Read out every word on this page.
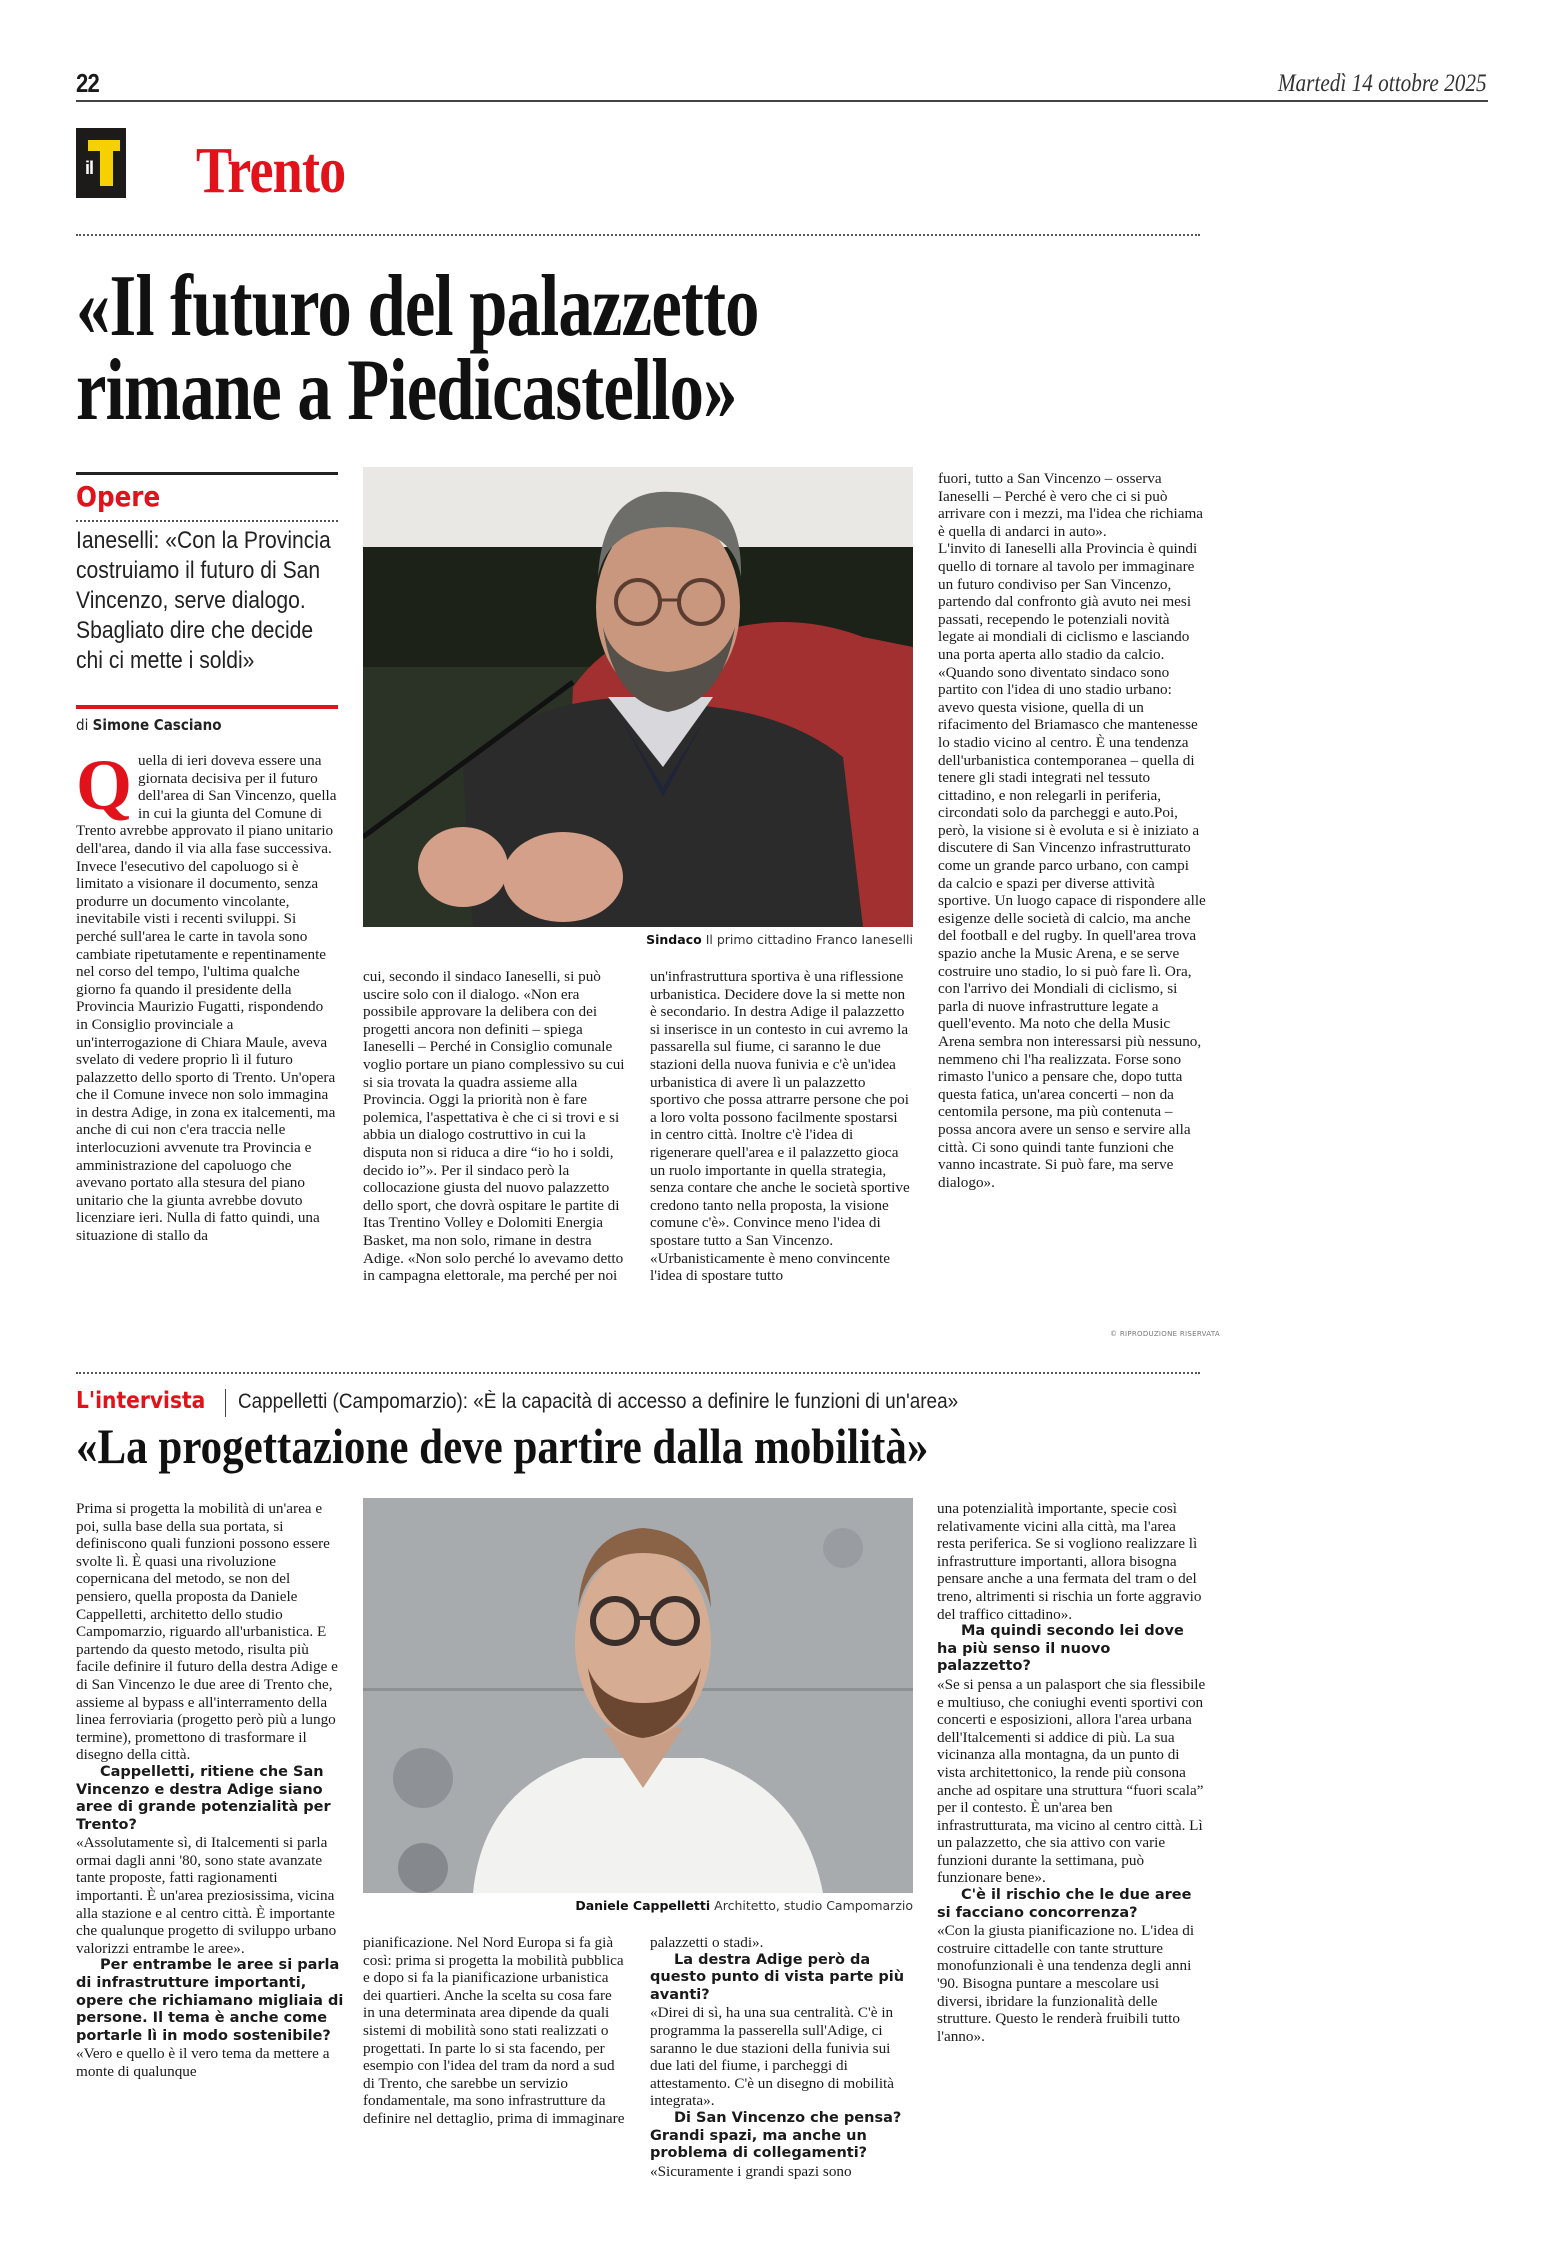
22	Martedì 14 ottobre 2025
il Trento
«Il futuro del palazzetto
rimane a Piedicastello»
Opere
Ianeselli: «Con la Provincia costruiamo il futuro di San Vincenzo, serve dialogo. Sbagliato dire che decide chi ci mette i soldi»
di Simone Casciano
Q uella di ieri doveva essere una giornata decisiva per il futuro dell'area di San Vincenzo, quella in cui la giunta del Comune di Trento avrebbe approvato il piano unitario dell'area, dando il via alla fase successiva. Invece l'esecutivo del capoluogo si è limitato a visionare il documento, senza produrre un documento vincolante, inevitabile visti i recenti sviluppi. Si perché sull'area le carte in tavola sono cambiate ripetutamente e repentinamente nel corso del tempo, l'ultima qualche giorno fa quando il presidente della Provincia Maurizio Fugatti, rispondendo in Consiglio provinciale a un'interrogazione di Chiara Maule, aveva svelato di vedere proprio lì il futuro palazzetto dello sporto di Trento. Un'opera che il Comune invece non solo immagina in destra Adige, in zona ex italcementi, ma anche di cui non c'era traccia nelle interlocuzioni avvenute tra Provincia e amministrazione del capoluogo che avevano portato alla stesura del piano unitario che la giunta avrebbe dovuto licenziare ieri. Nulla di fatto quindi, una situazione di stallo da
Sindaco Il primo cittadino Franco Ianeselli
cui, secondo il sindaco Ianeselli, si può uscire solo con il dialogo. «Non era possibile approvare la delibera con dei progetti ancora non definiti – spiega Ianeselli – Perché in Consiglio comunale voglio portare un piano complessivo su cui si sia trovata la quadra assieme alla Provincia. Oggi la priorità non è fare polemica, l'aspettativa è che ci si trovi e si abbia un dialogo costruttivo in cui la disputa non si riduca a dire “io ho i soldi, decido io”». Per il sindaco però la collocazione giusta del nuovo palazzetto dello sport, che dovrà ospitare le partite di Itas Trentino Volley e Dolomiti Energia Basket, ma non solo, rimane in destra Adige. «Non solo perché lo avevamo detto in campagna elettorale, ma perché per noi
un'infrastruttura sportiva è una riflessione urbanistica. Decidere dove la si mette non è secondario. In destra Adige il palazzetto si inserisce in un contesto in cui avremo la passarella sul fiume, ci saranno le due stazioni della nuova funivia e c'è un'idea urbanistica di avere lì un palazzetto sportivo che possa attrarre persone che poi a loro volta possono facilmente spostarsi in centro città. Inoltre c'è l'idea di rigenerare quell'area e il palazzetto gioca un ruolo importante in quella strategia, senza contare che anche le società sportive credono tanto nella proposta, la visione comune c'è». Convince meno l'idea di spostare tutto a San Vincenzo. «Urbanisticamente è meno convincente l'idea di spostare tutto

fuori, tutto a San Vincenzo – osserva Ianeselli – Perché è vero che ci si può arrivare con i mezzi, ma l'idea che richiama è quella di andarci in auto».

L'invito di Ianeselli alla Provincia è quindi quello di tornare al tavolo per immaginare un futuro condiviso per San Vincenzo, partendo dal confronto già avuto nei mesi passati, recependo le potenziali novità legate ai mondiali di ciclismo e lasciando una porta aperta allo stadio da calcio. «Quando sono diventato sindaco sono partito con l'idea di uno stadio urbano: avevo questa visione, quella di un rifacimento del Briamasco che mantenesse lo stadio vicino al centro. È una tendenza dell'urbanistica contemporanea – quella di tenere gli stadi integrati nel tessuto cittadino, e non relegarli in periferia, circondati solo da parcheggi e auto.Poi, però, la visione si è evoluta e si è iniziato a discutere di San Vincenzo infrastrutturato come un grande parco urbano, con campi da calcio e spazi per diverse attività sportive. Un luogo capace di rispondere alle esigenze delle società di calcio, ma anche del football e del rugby. In quell'area trova spazio anche la Music Arena, e se serve costruire uno stadio, lo si può fare lì. Ora, con l'arrivo dei Mondiali di ciclismo, si parla di nuove infrastrutture legate a quell'evento. Ma noto che della Music Arena sembra non interessarsi più nessuno, nemmeno chi l'ha realizzata. Forse sono rimasto l'unico a pensare che, dopo tutta questa fatica, un'area concerti – non da centomila persone, ma più contenuta – possa ancora avere un senso e servire alla città. Ci sono quindi tante funzioni che vanno incastrate. Si può fare, ma serve dialogo».

© RIPRODUZIONE RISERVATA
L'intervista Cappelletti (Campomarzio): «È la capacità di accesso a definire le funzioni di un'area»
«La progettazione deve partire dalla mobilità»

Prima si progetta la mobilità di un'area e poi, sulla base della sua portata, si definiscono quali funzioni possono essere svolte lì. È quasi una rivoluzione copernicana del metodo, se non del pensiero, quella proposta da Daniele Cappelletti, architetto dello studio Campomarzio, riguardo all'urbanistica. E partendo da questo metodo, risulta più facile definire il futuro della destra Adige e di San Vincenzo le due aree di Trento che, assieme al bypass e all'interramento della linea ferroviaria (progetto però più a lungo termine), promettono di trasformare il disegno della città.

Cappelletti, ritiene che San Vincenzo e destra Adige siano aree di grande potenzialità per Trento?

«Assolutamente sì, di Italcementi si parla ormai dagli anni '80, sono state avanzate tante proposte, fatti ragionamenti importanti. È un'area preziosissima, vicina alla stazione e al centro città. È importante che qualunque progetto di sviluppo urbano valorizzi entrambe le aree».

Per entrambe le aree si parla di infrastrutture importanti, opere che richiamano migliaia di persone. Il tema è anche come portarle lì in modo sostenibile?

«Vero e quello è il vero tema da mettere a monte di qualunque

Daniele Cappelletti Architetto, studio Campomarzio

pianificazione. Nel Nord Europa si fa già così: prima si progetta la mobilità pubblica e dopo si fa la pianificazione urbanistica dei quartieri. Anche la scelta su cosa fare in una determinata area dipende da quali sistemi di mobilità sono stati realizzati o progettati. In parte lo si sta facendo, per esempio con l'idea del tram da nord a sud di Trento, che sarebbe un servizio fondamentale, ma sono infrastrutture da definire nel dettaglio, prima di immaginare

palazzetti o stadi».

La destra Adige però da questo punto di vista parte più avanti?

«Direi di sì, ha una sua centralità. C'è in programma la passerella sull'Adige, ci saranno le due stazioni della funivia sui due lati del fiume, i parcheggi di attestamento. C'è un disegno di mobilità integrata».

Di San Vincenzo che pensa? Grandi spazi, ma anche un problema di collegamenti?

«Sicuramente i grandi spazi sono

una potenzialità importante, specie così relativamente vicini alla città, ma l'area resta periferica. Se si vogliono realizzare lì infrastrutture importanti, allora bisogna pensare anche a una fermata del tram o del treno, altrimenti si rischia un forte aggravio del traffico cittadino».

Ma quindi secondo lei dove ha più senso il nuovo palazzetto?

«Se si pensa a un palasport che sia flessibile e multiuso, che coniughi eventi sportivi con concerti e esposizioni, allora l'area urbana dell'Italcementi si addice di più. La sua vicinanza alla montagna, da un punto di vista architettonico, la rende più consona anche ad ospitare una struttura “fuori scala” per il contesto. È un'area ben infrastrutturata, ma vicino al centro città. Lì un palazzetto, che sia attivo con varie funzioni durante la settimana, può funzionare bene».

C'è il rischio che le due aree si facciano concorrenza?

«Con la giusta pianificazione no. L'idea di costruire cittadelle con tante strutture monofunzionali è una tendenza degli anni '90. Bisogna puntare a mescolare usi diversi, ibridare la funzionalità delle strutture. Questo le renderà fruibili tutto l'anno».
